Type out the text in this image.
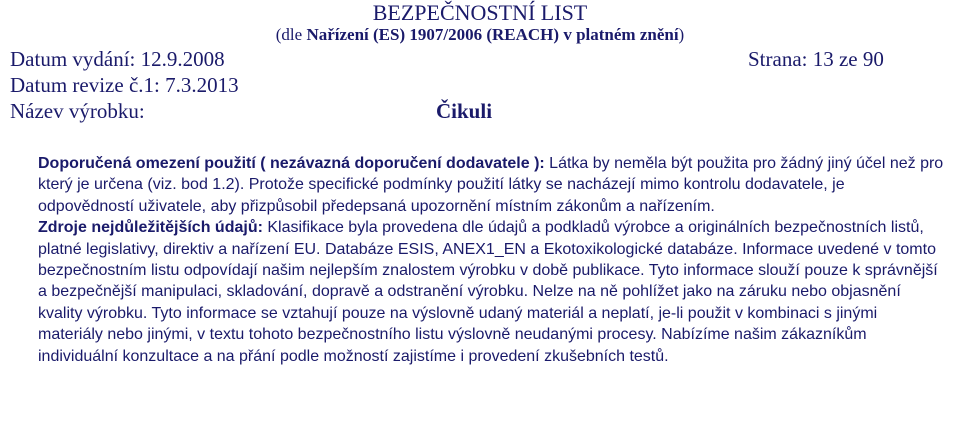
BEZPEČNOSTNÍ LIST
(dle Nařízení (ES) 1907/2006 (REACH) v platném znění)
Datum vydání: 12.9.2008	Strana: 13 ze 90
Datum revize č.1: 7.3.2013
Název výrobku:	Čikuli

Doporučená omezení použití ( nezávazná doporučení dodavatele ): Látka by neměla být použita pro žádný jiný účel než pro který je určena (viz. bod 1.2). Protože specifické podmínky použití látky se nacházejí mimo kontrolu dodavatele, je odpovědností uživatele, aby přizpůsobil předepsaná upozornění místním zákonům a nařízením.

Zdroje nejdůležitějších údajů: Klasifikace byla provedena dle údajů a podkladů výrobce a originálních bezpečnostních listů, platné legislativy, direktiv a nařízení EU. Databáze ESIS, ANEX1_EN a Ekotoxikologické databáze. Informace uvedené v tomto bezpečnostním listu odpovídají našim nejlepším znalostem výrobku v době publikace. Tyto informace slouží pouze k správnější a bezpečnější manipulaci, skladování, dopravě a odstranění výrobku. Nelze na ně pohlížet jako na záruku nebo objasnění kvality výrobku. Tyto informace se vztahují pouze na výslovně udaný materiál a neplatí, je-li použit v kombinaci s jinými materiály nebo jinými, v textu tohoto bezpečnostního listu výslovně neudanými procesy. Nabízíme našim zákazníkům individuální konzultace a na přání podle možností zajistíme i provedení zkušebních testů.
